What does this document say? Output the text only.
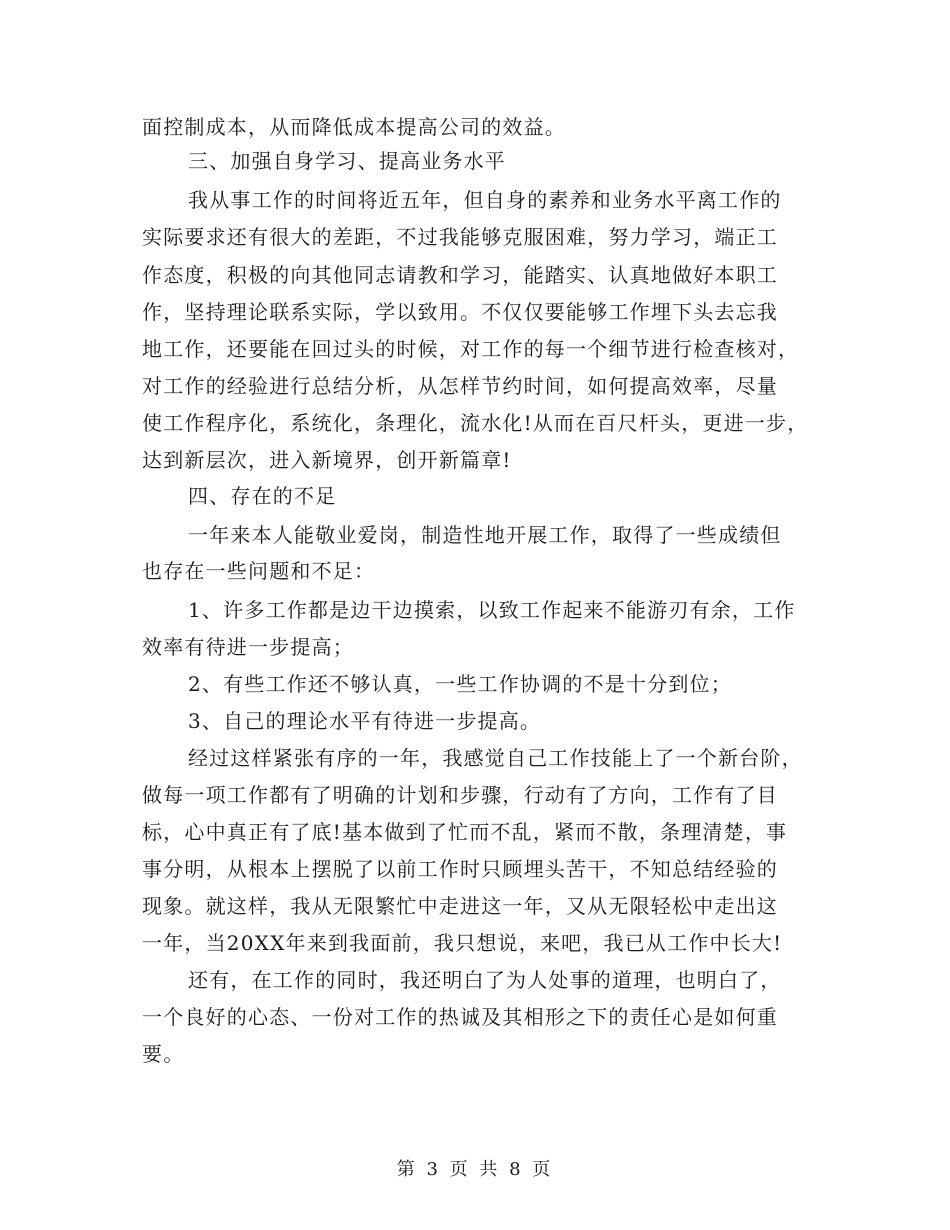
面控制成本，从而降低成本提高公司的效益。
三、加强自身学习、提高业务水平
我从事工作的时间将近五年，但自身的素养和业务水平离工作的
实际要求还有很大的差距，不过我能够克服困难，努力学习，端正工
作态度，积极的向其他同志请教和学习，能踏实、认真地做好本职工
作，坚持理论联系实际，学以致用。不仅仅要能够工作埋下头去忘我
地工作，还要能在回过头的时候，对工作的每一个细节进行检查核对，
对工作的经验进行总结分析，从怎样节约时间，如何提高效率，尽量
使工作程序化，系统化，条理化，流水化!从而在百尺杆头，更进一步，
达到新层次，进入新境界，创开新篇章!
四、存在的不足
一年来本人能敬业爱岗，制造性地开展工作，取得了一些成绩但
也存在一些问题和不足：
1、许多工作都是边干边摸索，以致工作起来不能游刃有余，工作
效率有待进一步提高；
2、有些工作还不够认真，一些工作协调的不是十分到位；
3、自己的理论水平有待进一步提高。
经过这样紧张有序的一年，我感觉自己工作技能上了一个新台阶，
做每一项工作都有了明确的计划和步骤，行动有了方向，工作有了目
标，心中真正有了底!基本做到了忙而不乱，紧而不散，条理清楚，事
事分明，从根本上摆脱了以前工作时只顾埋头苦干，不知总结经验的
现象。就这样，我从无限繁忙中走进这一年，又从无限轻松中走出这
一年，当20XX年来到我面前，我只想说，来吧，我已从工作中长大!
还有，在工作的同时，我还明白了为人处事的道理，也明白了，
一个良好的心态、一份对工作的热诚及其相形之下的责任心是如何重
要。
第 3 页 共 8 页
